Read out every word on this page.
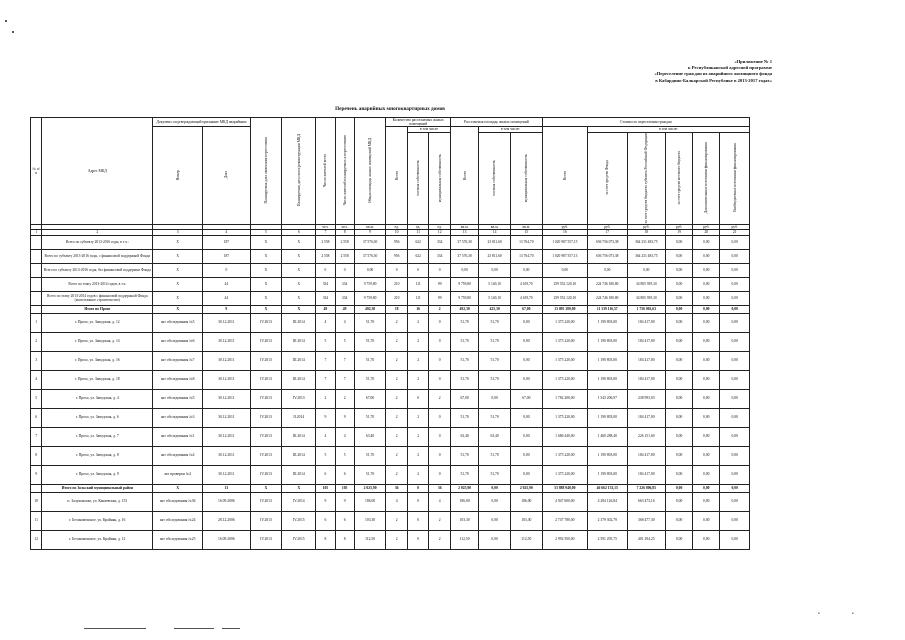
«Приложение № 1
к Республиканской адресной программе
«Переселение граждан из аварийного жилищного фонда
в Кабардино-Балкарской Республике в 2013-2017 годах»
Перечень аварийных многоквартирных домов
№ п/п	Адрес МКД	Документ, подтверждающий признание МКД аварийным		Планируемая дата окончания переселения	Планируемая дата сноса/реконструкции МКД	Число жителей всего	Число жителей планируемых к переселению	Общая площадь жилых помещений МКД	Количество расселяемых жилых помещений			Расселяемая площадь жилых помещений			Стоимость переселения граждан					
		Номер	Дата						Всего	в том числе		Всего	в том числе:		Всего	в том числе:				
										частная собственность	муниципальная собственность		частная собственность	муниципальная собственность		за счет средств Фонда	за счет средств бюджета субъекта Российской Федерации	за счет средств местного бюджета	Дополнительные источники финансирования	Внебюджетные источники финансирования
						чел.	чел.	кв.м.	ед.	ед.	ед.	кв.м.	кв.м.	кв.м.	руб.	руб.	руб.	руб.	руб.	руб.
1	2	3	4	5	6	7	8	9	10	11	12	13	14	15	16	17	18	19	20	21
	Всего по субъекту 2013-2016 годы, в т.ч.:	Х	187	Х	Х	2 558	2 558	37 576,30	956	622	334	37 576,30	23 811,60	13 764,70	1 020 987 557,15	656 756 073,38	364 231 483,75	0,00	0,00	0,00
	Всего по субъекту 2013-2016 годы, с финансовой поддержкой Фонда	Х	187	Х	Х	2 558	2 558	37 576,30	956	622	334	37 576,30	23 811,60	13 764,70	1 020 987 557,13	656 756 073,38	364 231 483,75	0,00	0,00	0,00
	Всего по субъекту 2013-2016 годы, без финансовой поддержки Фонда	Х	0	Х	Х	0	0	0,00	0	0	0	0,00	0,00	0,00	0,00	0,00	0,00	0,00	0,00	0,00
	Всего по этапу 2013-2014 годов, в т.ч.	Х	44	Х	Х	334	334	9 759,80	210	111	99	9 759,80	5 140,10	4 619,70	259 552 120,10	224 746 180,80	34 805 939,30	0,00	0,00	0,00
	Всего по этапу 2013-2014 годов с финансовой поддержкой Фонда (малоэтажное строительство)	Х	44	Х	Х	334	334	9 759,80	210	111	99	9 759,80	5 140,10	4 619,70	259 552 120,10	224 746 180,80	34 805 939,30	0,00	0,00	0,00
	Итого по Прохо	Х	9	Х	Х	49	49	492,30	18	16	2	492,30	425,30	67,00	13 095 180,00	11 339 116,57	1 756 063,63	0,00	0,00	0,00
1	г. Прохо, ул. Заводская, д. 12	акт обследования №5	30.12.2011	IV.2013	III.2014	4	4	51,70	2	2	0	51,70	51,70	0,00	1 375 220,00	1 190 803,00	184 417,00	0,00	0,00	0,00
2	г. Прохо, ул. Заводская, д. 14	акт обследования №6	30.12.2011	IV.2013	III.2014	5	5	51,70	2	2	0	51,70	51,70	0,00	1 375 220,00	1 190 803,00	184 417,00	0,00	0,00	0,00
3	г. Прохо, ул. Заводская, д. 16	акт обследования №7	30.12.2011	IV.2013	III.2014	7	7	51,70	2	2	0	51,70	51,70	0,00	1 375 220,00	1 190 803,00	184 417,00	0,00	0,00	0,00
4	г. Прохо, ул. Заводская, д. 18	акт обследования №8	30.12.2011	IV.2013	III.2014	7	7	51,70	2	2	0	51,70	51,70	0,00	1 375 220,00	1 190 803,00	184 417,00	0,00	0,00	0,00
5	г. Прохо, ул. Заводская, д. 4	акт обследования №5	30.12.2011	IV.2013	IV.2013	2	2	67,00	2	0	2	67,00	0,00	67,00	1 782 200,00	1 543 206,97	238 993,03	0,00	0,00	0,00
6	г. Прохо, ул. Заводская, д. 6	акт обследования №3	30.12.2011	IV.2013	II.2014	9	9	51,70	2	2	0	51,70	51,70	0,00	1 375 220,00	1 190 803,00	184 417,00	0,00	0,00	0,00
7	г. Прохо, ул. Заводская, д. 7	акт обследования №1	30.12.2011	IV.2013	III.2014	4	4	63,40	2	2	0	63,40	63,40	0,00	1 686 440,00	1 460 288,40	226 151,60	0,00	0,00	0,00
8	г. Прохо, ул. Заводская, д. 8	акт обследования №4	30.12.2011	IV.2013	III.2014	5	5	51,70	2	2	0	51,70	51,70	0,00	1 375 220,00	1 190 803,00	184 417,00	0,00	0,00	0,00
9	г. Прохо, ул. Заводская, д. 9	акт проверки №2	30.12.2011	IV.2013	III.2014	6	6	51,70	2	2	0	51,70	51,70	0,00	1 375 220,00	1 190 803,00	184 417,00	0,00	0,00	0,00
	Итого по Зольский муниципальный район	Х	13	Х	Х	105	105	2 025,90	36	0	36	2 025,90	0,00	2 025,90	53 888 940,00	46 662 133,15	7 226 806,85	0,00	0,00	0,00
10	п. Залукокоаже, ул. Канаевская, д. 153	акт обследования №36	16.09.2006	IV.2013	IV.2014	9	9	186,00	4	0	4	186,00	0,00	186,00	4 947 600,00	4 284 126,84	663 473,16	0,00	0,00	0,00
11	г. Белокаменское, ул. Крайняя, д. 16	акт обследования №24	28.12.2006	IV.2013	IV.2015	6	6	103,30	2	0	2	103,30	0,00	103,30	2 747 780,00	2 379 302,79	368 477,30	0,00	0,00	0,00
12	г. Белокаменское, ул. Крайняя, д. 12	акт обследования №25	16.09.2006	IV.2013	IV.2015	8	8	112,50	2	0	2	112,50	0,00	112,50	2 992 500,00	2 591 205,75	401 294,25	0,00	0,00	0,00
•	•
